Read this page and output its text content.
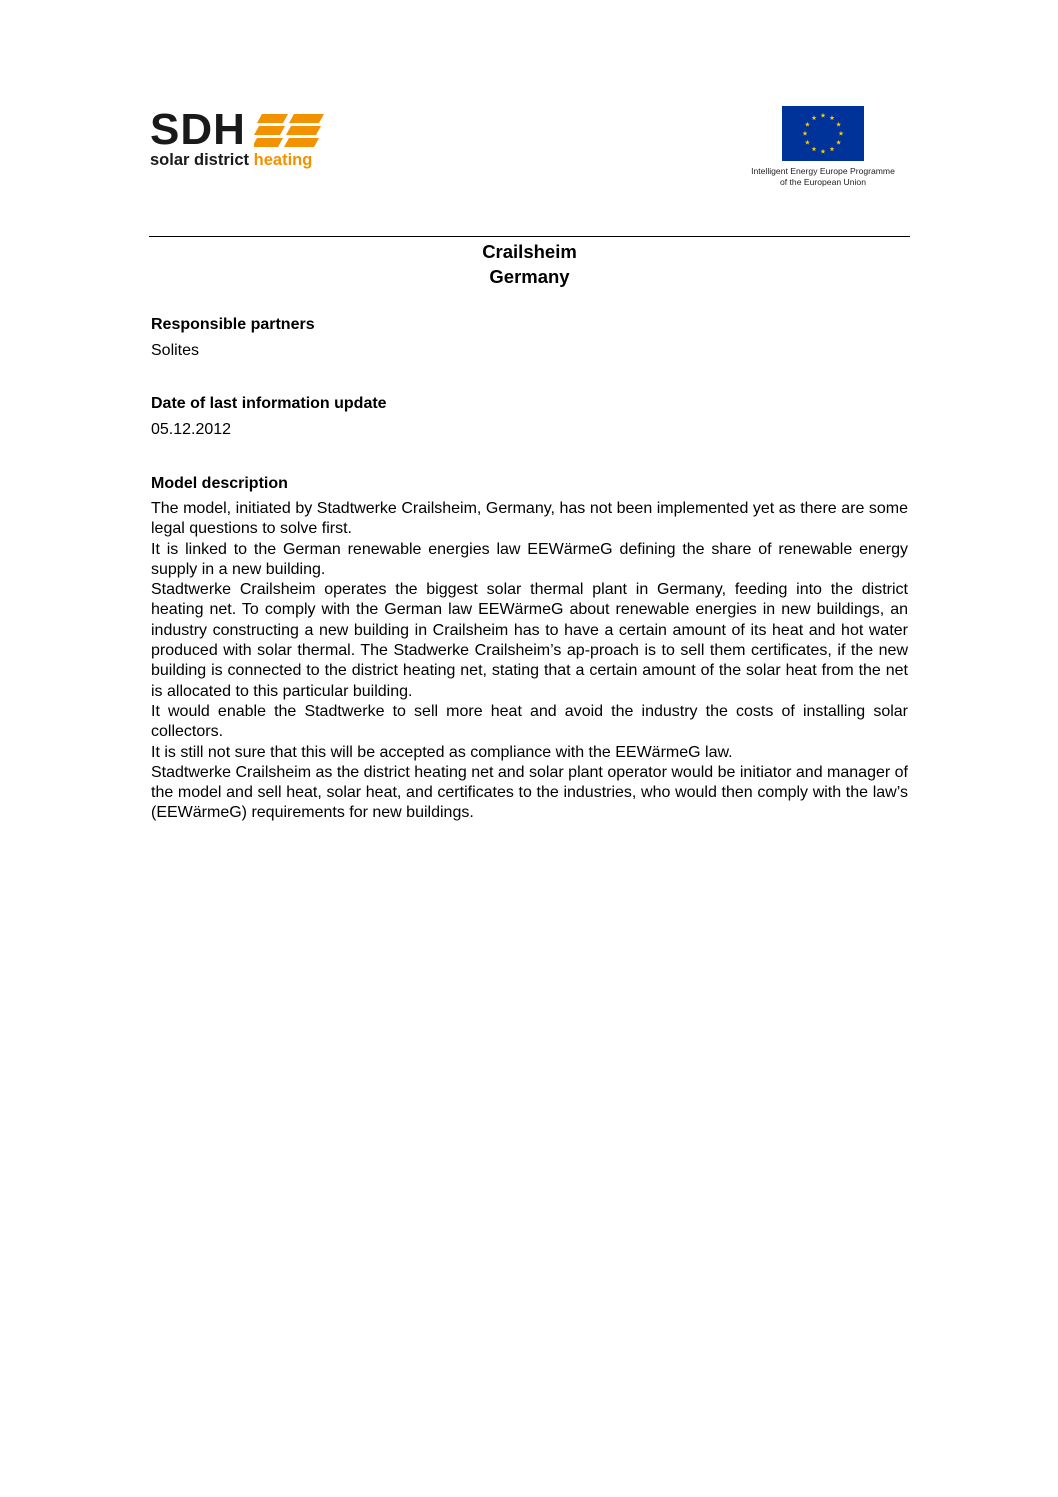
SDH
solar district heating
Intelligent Energy Europe Programme
of the European Union
Crailsheim
Germany
Responsible partners
Solites
Date of last information update
05.12.2012
Model description

The model, initiated by Stadtwerke Crailsheim, Germany, has not been implemented yet as there are some legal questions to solve first.

It is linked to the German renewable energies law EEWärmeG defining the share of renewable energy supply in a new building.

Stadtwerke Crailsheim operates the biggest solar thermal plant in Germany, feeding into the district heating net. To comply with the German law EEWärmeG about renewable energies in new buildings, an industry constructing a new building in Crailsheim has to have a certain amount of its heat and hot water produced with solar thermal. The Stadwerke Crailsheim’s ap-proach is to sell them certificates, if the new building is connected to the district heating net, stating that a certain amount of the solar heat from the net is allocated to this particular building.

It would enable the Stadtwerke to sell more heat and avoid the industry the costs of installing solar collectors.

It is still not sure that this will be accepted as compliance with the EEWärmeG law.

Stadtwerke Crailsheim as the district heating net and solar plant operator would be initiator and manager of the model and sell heat, solar heat, and certificates to the industries, who would then comply with the law’s (EEWärmeG) requirements for new buildings.
